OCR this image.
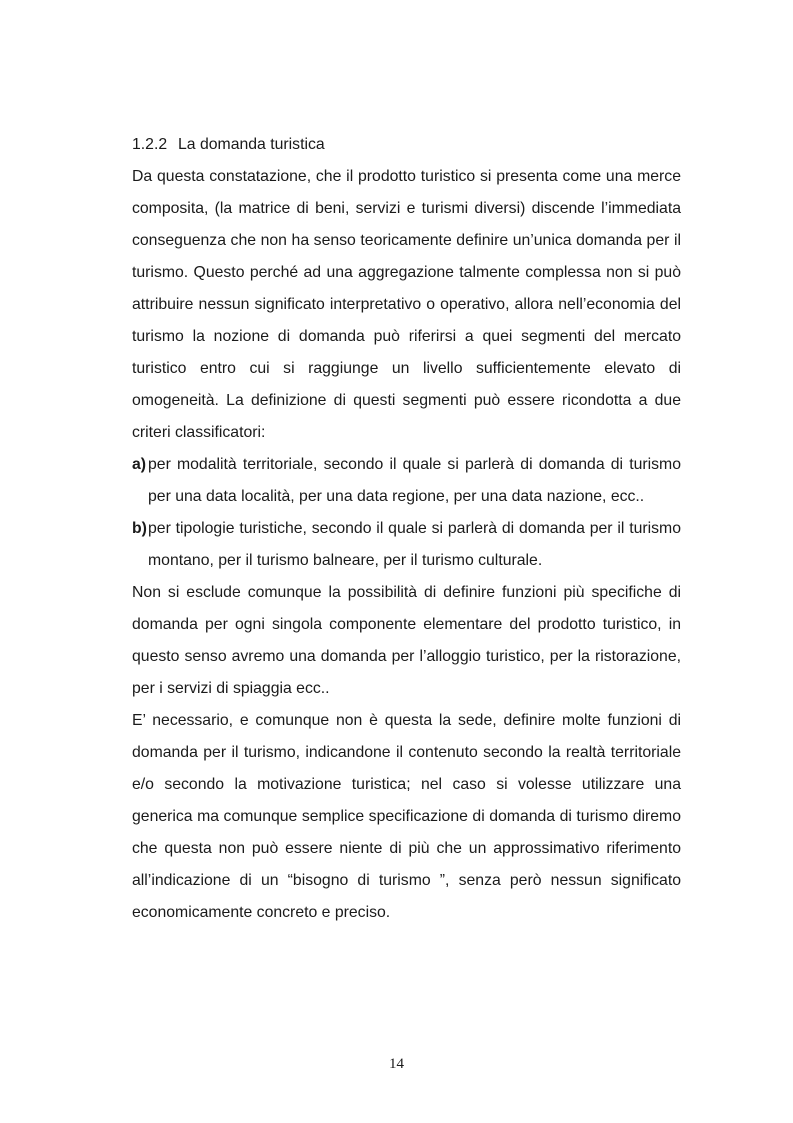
1.2.2 La domanda turistica

Da questa constatazione, che il prodotto turistico si presenta come una merce composita, (la matrice di beni, servizi e turismi diversi) discende l’immediata conseguenza che non ha senso teoricamente definire un’unica domanda per il turismo. Questo perché ad una aggregazione talmente complessa non si può attribuire nessun significato interpretativo o operativo, allora nell’economia del turismo la nozione di domanda può riferirsi a quei segmenti del mercato turistico entro cui si raggiunge un livello sufficientemente elevato di omogeneità. La definizione di questi segmenti può essere ricondotta a due criteri classificatori:

a) per modalità territoriale, secondo il quale si parlerà di domanda di turismo per una data località, per una data regione, per una data nazione, ecc..

b)per tipologie turistiche, secondo il quale si parlerà di domanda per il turismo montano, per il turismo balneare, per il turismo culturale.

Non si esclude comunque la possibilità di definire funzioni più specifiche di domanda per ogni singola componente elementare del prodotto turistico, in questo senso avremo una domanda per l’alloggio turistico, per la ristorazione, per i servizi di spiaggia ecc..

E’ necessario, e comunque non è questa la sede, definire molte funzioni di domanda per il turismo, indicandone il contenuto secondo la realtà territoriale e/o secondo la motivazione turistica; nel caso si volesse utilizzare una generica ma comunque semplice specificazione di domanda di turismo diremo che questa non può essere niente di più che un approssimativo riferimento all’indicazione di un “bisogno di turismo ”, senza però nessun significato economicamente concreto e preciso.

14
